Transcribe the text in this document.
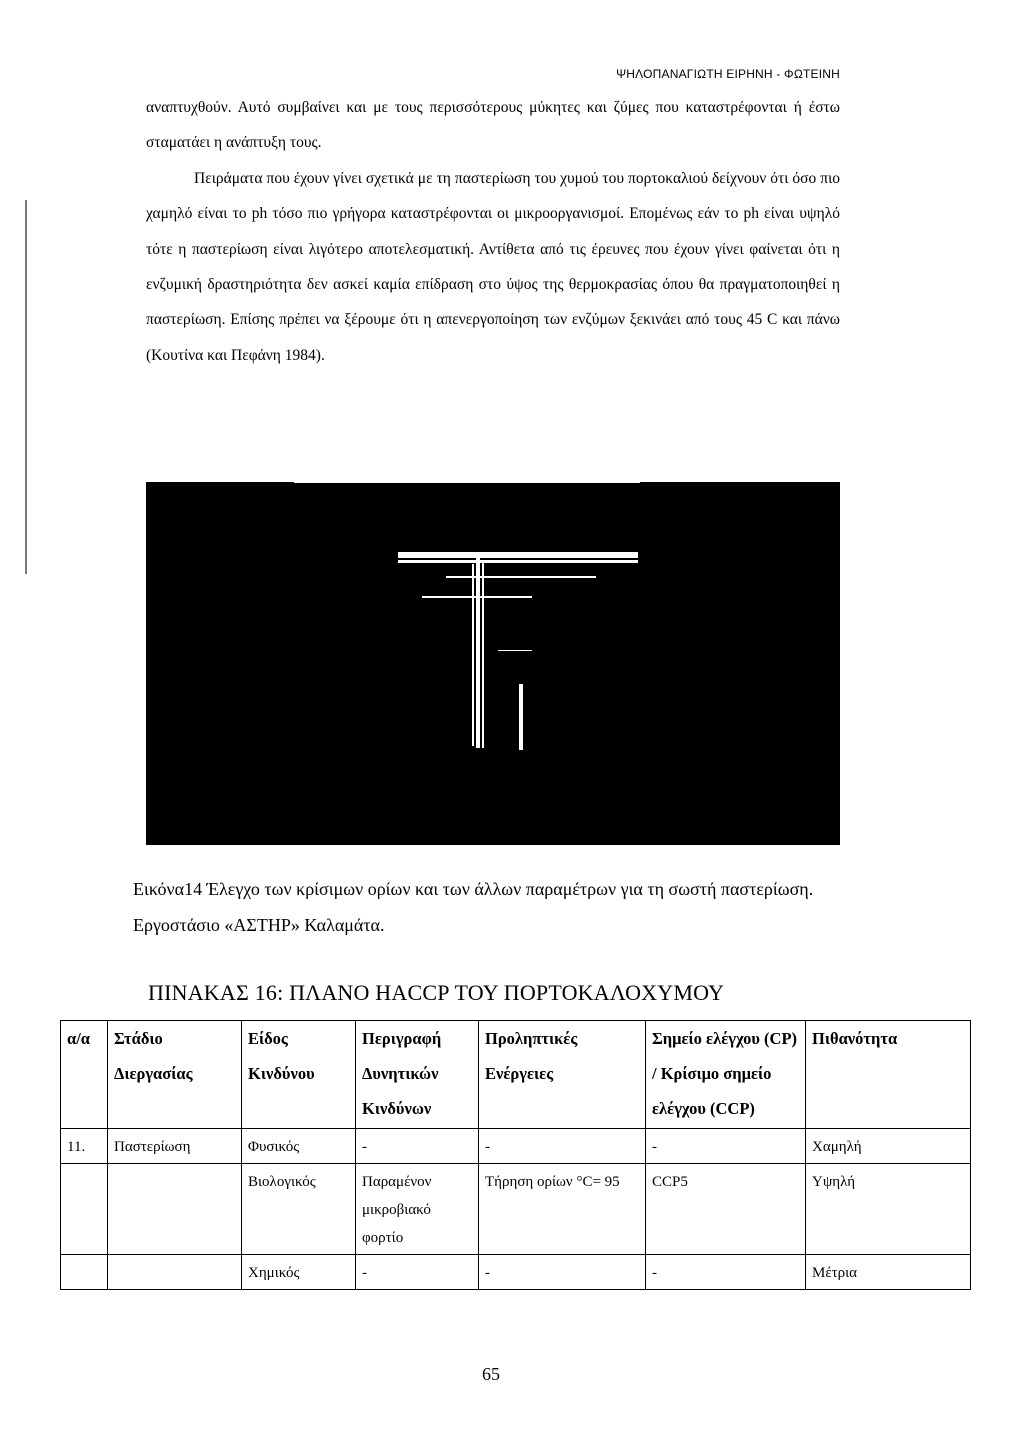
ΨΗΛΟΠΑΝΑΓΙΩΤΗ ΕΙΡΗΝΗ - ΦΩΤΕΙΝΗ

αναπτυχθούν. Αυτό συμβαίνει και με τους περισσότερους μύκητες και ζύμες που καταστρέφονται ή έστω σταματάει η ανάπτυξη τους.

Πειράματα που έχουν γίνει σχετικά με τη παστερίωση του χυμού του πορτοκαλιού δείχνουν ότι όσο πιο χαμηλό είναι το ph τόσο πιο γρήγορα καταστρέφονται οι μικροοργανισμοί. Επομένως εάν το ph είναι υψηλό τότε η παστερίωση είναι λιγότερο αποτελεσματική. Αντίθετα από τις έρευνες που έχουν γίνει φαίνεται ότι η ενζυμική δραστηριότητα δεν ασκεί καμία επίδραση στο ύψος της θερμοκρασίας όπου θα πραγματοποιηθεί η παστερίωση. Επίσης πρέπει να ξέρουμε ότι η απενεργοποίηση των ενζύμων ξεκινάει από τους 45 C και πάνω (Κουτίνα και Πεφάνη 1984).

Εικόνα14 Έλεγχο των κρίσιμων ορίων και των άλλων παραμέτρων για τη σωστή παστερίωση. Εργοστάσιο «ΑΣΤΗΡ» Καλαμάτα.

ΠΙΝΑΚΑΣ 16: ΠΛΑΝΟ HACCP ΤΟΥ ΠΟΡΤΟΚΑΛΟΧΥΜΟΥ
α/α	Στάδιο Διεργασίας	Είδος Κινδύνου	Περιγραφή Δυνητικών Κινδύνων	Προληπτικές Ενέργειες	Σημείο ελέγχου (CP) / Κρίσιμο σημείο ελέγχου (CCP)	Πιθανότητα
11.	Παστερίωση	Φυσικός	-	-	-	Χαμηλή
		Βιολογικός	Παραμένον μικροβιακό φορτίο	Τήρηση ορίων °C= 95	CCP5	Υψηλή
		Χημικός	-	-	-	Μέτρια
65
